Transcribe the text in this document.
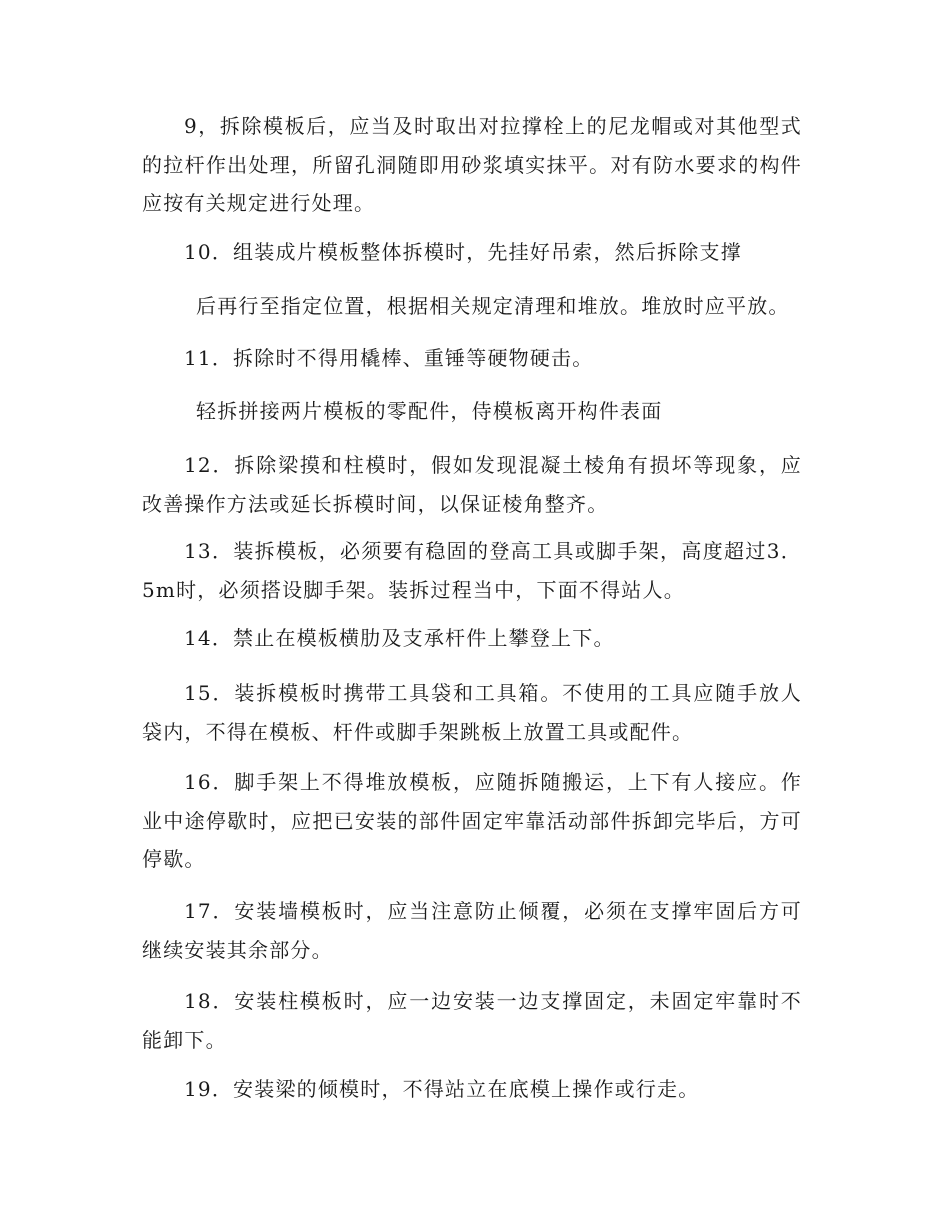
9，拆除模板后，应当及时取出对拉撑栓上的尼龙帽或对其他型式的拉杆作出处理，所留孔洞随即用砂浆填实抹平。对有防水要求的构件应按有关规定进行处理。

10．组装成片模板整体拆模时，先挂好吊索，然后拆除支撑

后再行至指定位置，根据相关规定清理和堆放。堆放时应平放。

11．拆除时不得用橇棒、重锤等硬物硬击。

轻拆拼接两片模板的零配件，侍模板离开构件表面

12．拆除梁摸和柱模时，假如发现混凝土棱角有损坏等现象，应改善操作方法或延长拆模时间，以保证棱角整齐。

13．装拆模板，必须要有稳固的登高工具或脚手架，高度超过3．5m时，必须搭设脚手架。装拆过程当中，下面不得站人。

14．禁止在模板横肋及支承杆件上攀登上下。

15．装拆模板时携带工具袋和工具箱。不使用的工具应随手放人袋内，不得在模板、杆件或脚手架跳板上放置工具或配件。

16．脚手架上不得堆放模板，应随拆随搬运，上下有人接应。作业中途停歇时，应把已安装的部件固定牢靠活动部件拆卸完毕后，方可停歇。

17．安装墙模板时，应当注意防止倾覆，必须在支撑牢固后方可继续安装其余部分。

18．安装柱模板时，应一边安装一边支撑固定，未固定牢靠时不能卸下。

19．安装梁的倾模时，不得站立在底模上操作或行走。
